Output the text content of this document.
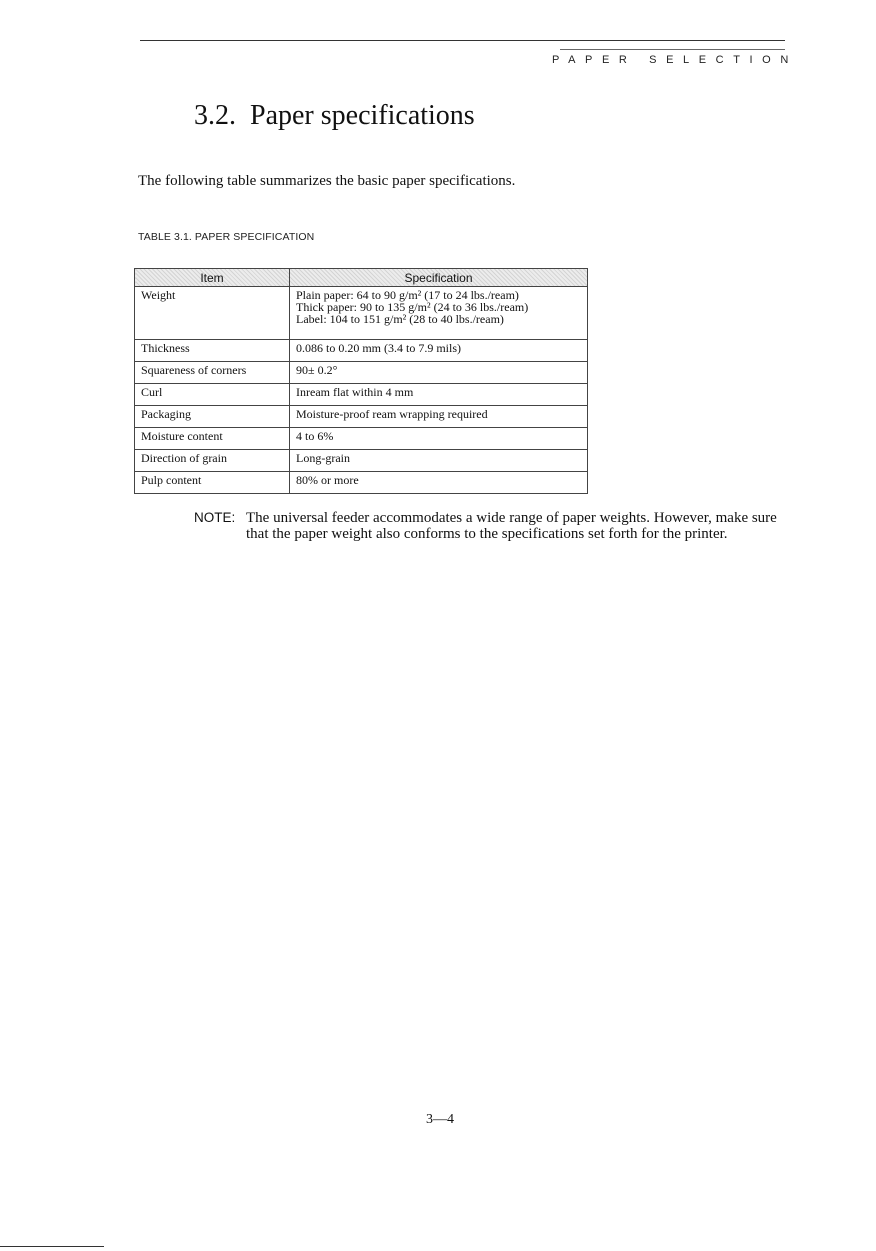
PAPER SELECTION
3.2. Paper specifications
The following table summarizes the basic paper specifications.
TABLE 3.1. PAPER SPECIFICATION
Item	Specification
Weight	Plain paper: 64 to 90 g/m² (17 to 24 lbs./ream)
Thick paper: 90 to 135 g/m² (24 to 36 lbs./ream)
Label: 104 to 151 g/m² (28 to 40 lbs./ream)

Thickness	0.086 to 0.20 mm (3.4 to 7.9 mils)
Squareness of corners	90± 0.2°
Curl	Inream flat within 4 mm
Packaging	Moisture-proof ream wrapping required
Moisture content	4 to 6%
Direction of grain	Long-grain
Pulp content	80% or more
NOTE: The universal feeder accommodates a wide range of paper weights. However, make sure that the paper weight also conforms to the specifications set forth for the printer.
3—4
